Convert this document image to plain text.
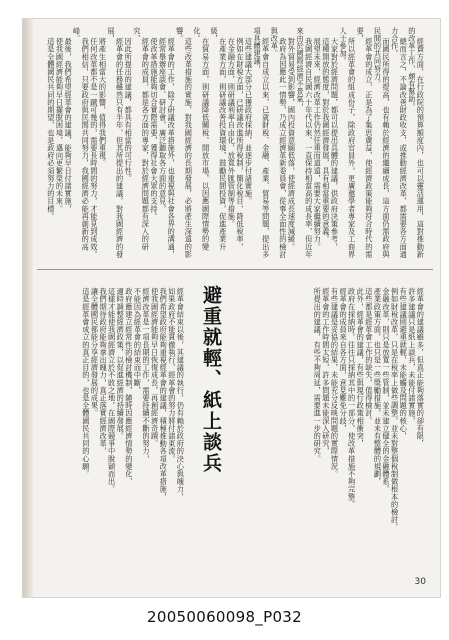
經費方面，在行政院的預算額度內，也可以靈活運用，這對推動新的改革工作，頗有幫助。
總而言之，不論改善財政收支，或推動經濟改革，都需要各方面通力合作，
而國民所得的提高，也有賴於經濟的繼續成長，這方面仍需政府與民間的共同努力。
經革會的成立，正是為了集思廣益，使經濟政策能夠符合時代的需要，
所以經革會的組成份子，除政府官員外，更廣邀學者專家及工商界人士參加。
大家對於經濟問題，都可以提出具體的建議，供政府決策參考，
這種開放的態度，對於我國經濟發展，具有相當重要的意義。
展望未來，經濟改革工作仍然任重而道遠，需要大家繼續努力。
我國經濟自民國六十年代以來，一直保持相當高的成長率，但近年來由於國際經濟不景氣，
對外貿易受到影響，國內投資意願低落，使經濟成長速度減緩。
政府為因應此一情勢，乃成立經濟革新委員會，從事全面性的檢討與改革。
經革會自成立以來，已就財稅、金融、產業、貿易等問題，提出多項具體建議，
這些建議大部分已獲政府採納，並逐步付諸實施。
例如在財稅方面，已研議改進所得稅制，簡化稅目，降低稅率，
在金融方面，則研議利率自由化，放寬外匯管制等措施。
在產業方面，則研議改善投資環境，鼓勵民間投資，促進產業升級，
在貿易方面，則研議降低關稅，開放市場，以因應國際情勢的變化。
這些改革措施的實施，對我國經濟的長期發展，必將產生深遠的影響。
經革會的工作，除了研議改革措施外，也重視與社會各界的溝通，
經常舉辦座談會、研討會，廣泛聽取各方面的意見，
使改革措施能夠切合實際需要，獲得社會大眾的支持。
經革會的成員，都是各方面的專家，對於經濟問題都有深入的研究，
因此所提出的建議，都具有相當的可行性。
經革會的任務雖然只有半年，但其所提出的建議，對我國經濟的發展，
將產生相當大的影響，值得我們重視。
任何改革都不是一蹴可幾的，需要長時間的努力，才能見到成效。
我們相信，只要政府與民間共同努力，我國經濟必能再創新的高峰。
最後，我們希望經革會的建議，能夠早日付諸實施，
使我國經濟能夠早日擺脫困境，邁向更繁榮的未來。
這是全體國民共同的期望，也是政府必須努力的目標。

避重就輕、紙上談兵	經革會的建議雖多，但真正能夠落實的卻有限，
許多建議只是紙上談兵，未能付諸實施，
有些建議則避重就輕，未能觸及問題的核心，
例如財稅改革，只是在稅率上做些調整，並未對整個稅制做根本的檢討，
金融改革，則只是放寬一些管制，並未建立健全的金融體系。
產業政策方面，也只是一些獎勵措施，並未有整體的規劃，
這些都是經革會工作的缺失，值得檢討。
此外，經革會的建議，有些與現行政策相衝突，
政府在採納時，往往只採納其中的一部分，使改革措施不夠完整。
經革會的成員來自各方面，意見難免分歧，
有些建議是妥協的結果，未能充分反映問題的實際情況。
經革會的工作時間太短，許多問題未能深入研究，
所提出的建議，有些不夠周延，需要進一步的研究。

經革會結束以後，其建議的執行，仍有賴於政府的決心與魄力，
如果政府不能貫徹執行，經革會的努力將付諸東流。
我們希望政府能夠重視經革會的建議，積極推動各項改革措施，
使我國經濟能夠早日恢復成長，再創經濟奇蹟。
經濟改革是一項長期的工作，需要持續不斷的努力，
不能因為經革會的結束而中斷，
政府應建立經常性的檢討機制，隨時因應經濟情勢的變化，
適時調整經濟政策，以促進經濟的持續發展。
這樣才能使我國經濟立於不敗之地，在國際競爭中脫穎而出。
我們期待政府能夠拿出魄力，真正落實經濟改革，
讓全體國民都能分享經濟發展的成果。
這是經革會成立的真正目的，也是全體國民共同的心願。

30
20050060098_P032
